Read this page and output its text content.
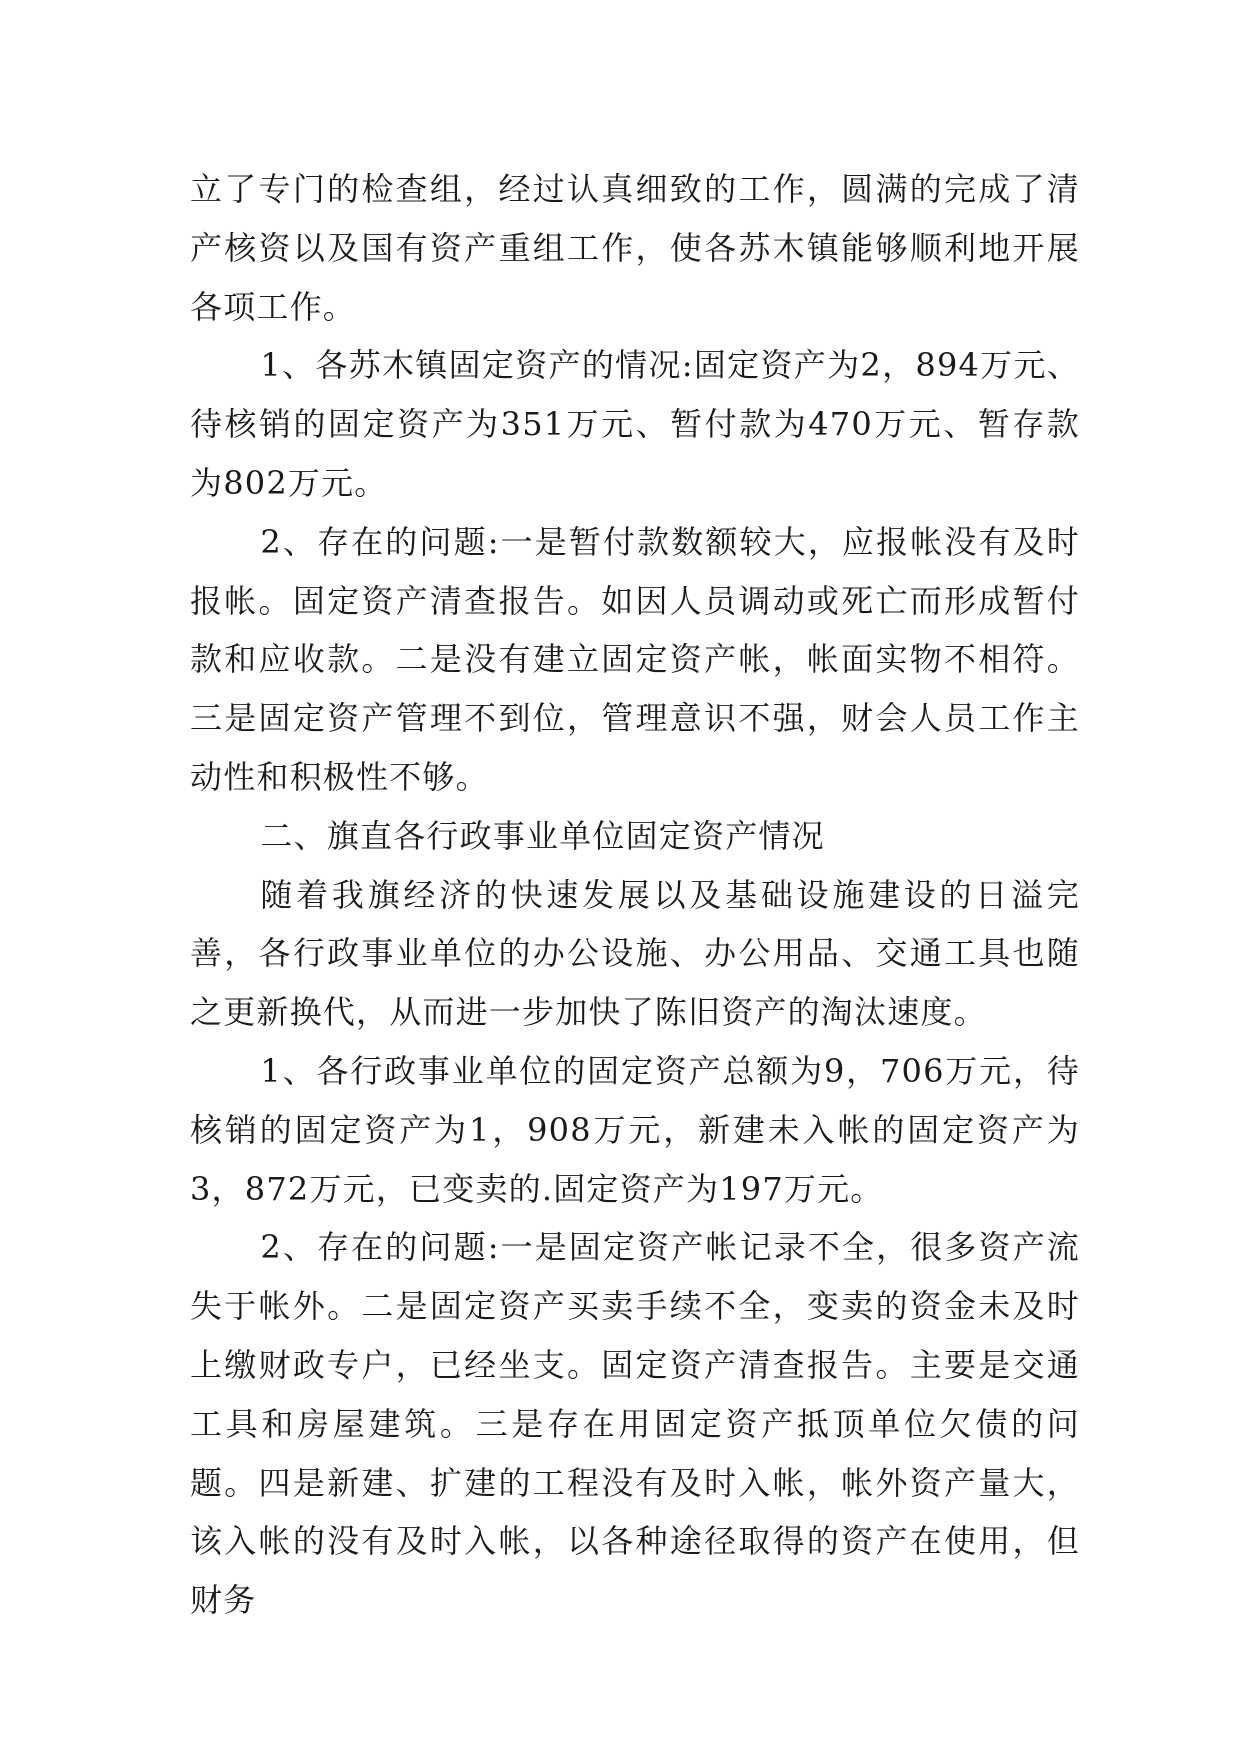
立了专门的检查组，经过认真细致的工作，圆满的完成了清产核资以及国有资产重组工作，使各苏木镇能够顺利地开展各项工作。

1、各苏木镇固定资产的情况:固定资产为2，894万元、待核销的固定资产为351万元、暂付款为470万元、暂存款为802万元。

2、存在的问题:一是暂付款数额较大，应报帐没有及时报帐。固定资产清查报告。如因人员调动或死亡而形成暂付款和应收款。二是没有建立固定资产帐，帐面实物不相符。三是固定资产管理不到位，管理意识不强，财会人员工作主动性和积极性不够。

二、旗直各行政事业单位固定资产情况

随着我旗经济的快速发展以及基础设施建设的日溢完善，各行政事业单位的办公设施、办公用品、交通工具也随之更新换代，从而进一步加快了陈旧资产的淘汰速度。

1、各行政事业单位的固定资产总额为9，706万元，待核销的固定资产为1，908万元，新建未入帐的固定资产为3，872万元，已变卖的.固定资产为197万元。

2、存在的问题:一是固定资产帐记录不全，很多资产流失于帐外。二是固定资产买卖手续不全，变卖的资金未及时上缴财政专户，已经坐支。固定资产清查报告。主要是交通工具和房屋建筑。三是存在用固定资产抵顶单位欠债的问题。四是新建、扩建的工程没有及时入帐，帐外资产量大，该入帐的没有及时入帐，以各种途径取得的资产在使用，但财务
